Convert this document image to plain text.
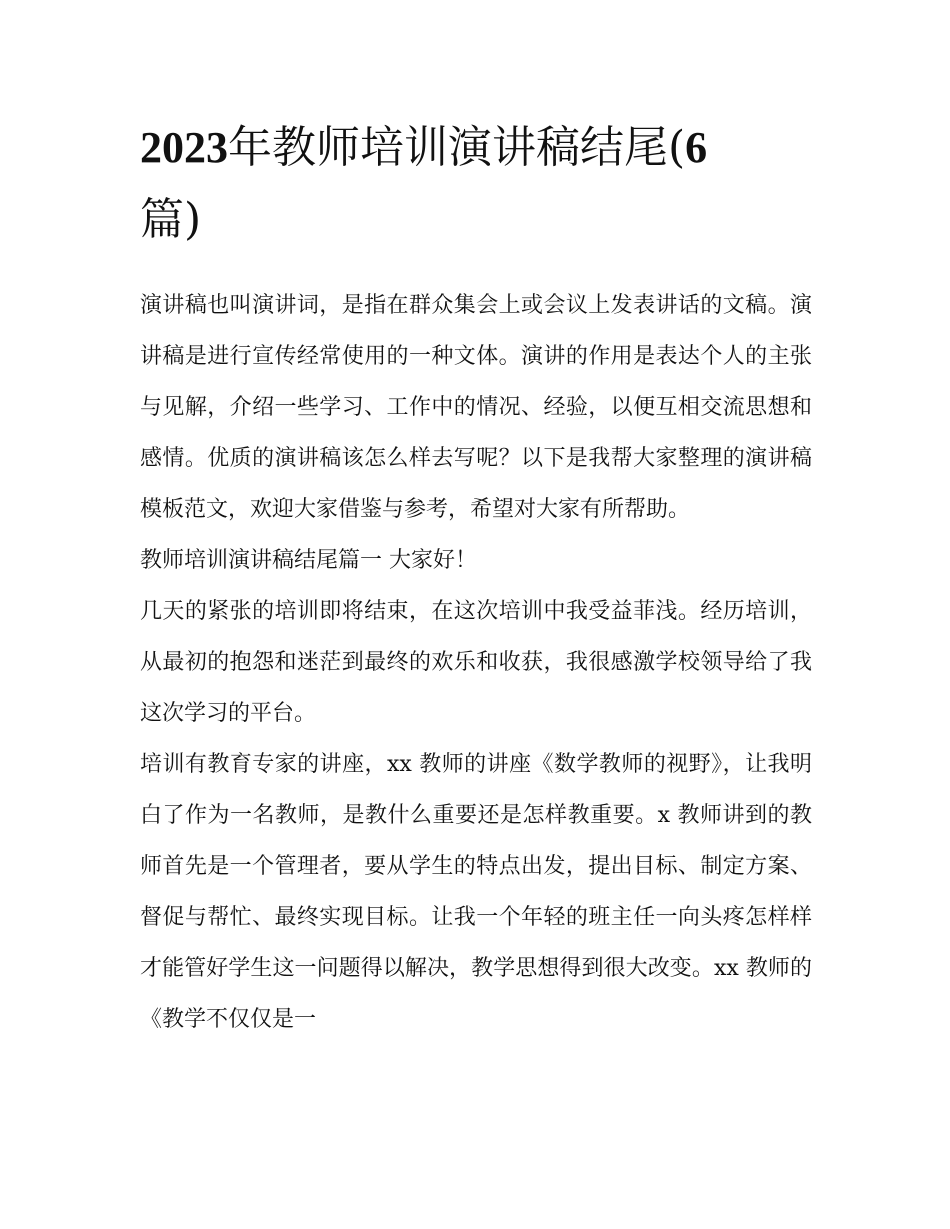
2023年教师培训演讲稿结尾(6
篇)

演讲稿也叫演讲词，是指在群众集会上或会议上发表讲话的文稿。演讲稿是进行宣传经常使用的一种文体。演讲的作用是表达个人的主张与见解，介绍一些学习、工作中的情况、经验，以便互相交流思想和感情。优质的演讲稿该怎么样去写呢？以下是我帮大家整理的演讲稿模板范文，欢迎大家借鉴与参考，希望对大家有所帮助。

教师培训演讲稿结尾篇一 大家好！

几天的紧张的培训即将结束，在这次培训中我受益菲浅。经历培训，从最初的抱怨和迷茫到最终的欢乐和收获，我很感激学校领导给了我这次学习的平台。

培训有教育专家的讲座，xx 教师的讲座《数学教师的视野》，让我明白了作为一名教师，是教什么重要还是怎样教重要。x 教师讲到的教师首先是一个管理者，要从学生的特点出发，提出目标、制定方案、督促与帮忙、最终实现目标。让我一个年轻的班主任一向头疼怎样样才能管好学生这一问题得以解决，教学思想得到很大改变。xx 教师的《教学不仅仅是一
